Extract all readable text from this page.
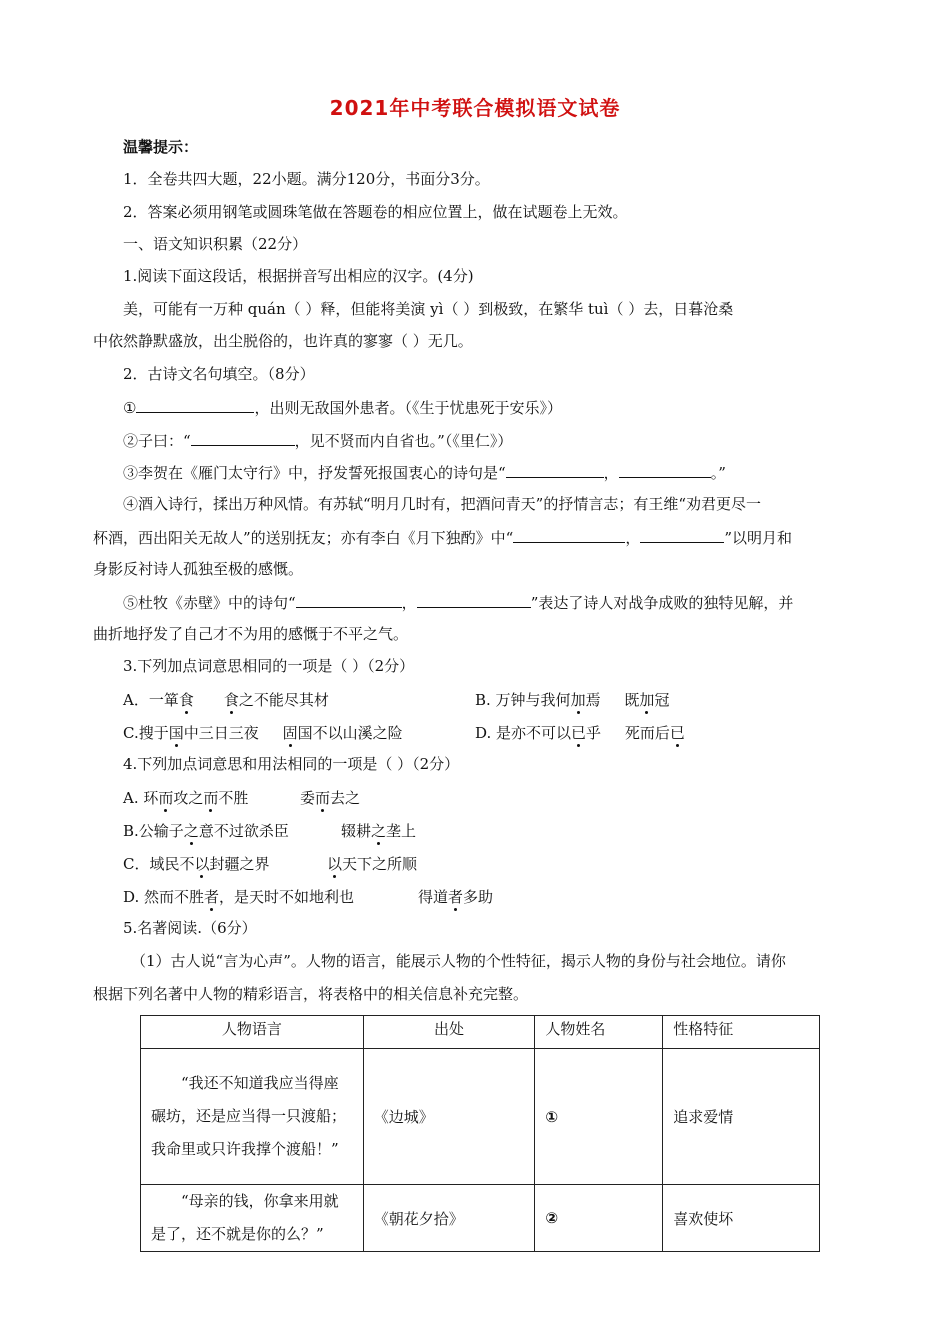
2021年中考联合模拟语文试卷
温馨提示：
1．全卷共四大题，22小题。满分120分，书面分3分。
2．答案必须用钢笔或圆珠笔做在答题卷的相应位置上，做在试题卷上无效。
一、语文知识积累（22分）
1.阅读下面这段话，根据拼音写出相应的汉字。(4分)
美，可能有一万种 quán（ ）释，但能将美演 yì（ ）到极致，在繁华 tuì（ ）去，日暮沧桑
中依然静默盛放，出尘脱俗的，也许真的寥寥（ ）无几。
2．古诗文名句填空。（8分）
①	，出则无敌国外患者。（《生于忧患死于安乐》）
②子曰：“	，见不贤而内自省也。”（《里仁》）
③李贺在《雁门太守行》中，抒发誓死报国衷心的诗句是“	，	。”
④酒入诗行，揉出万种风情。有苏轼“明月几时有，把酒问青天”的抒情言志；有王维“劝君更尽一
杯酒，西出阳关无故人”的送别抚友；亦有李白《月下独酌》中“	，	”以明月和
身影反衬诗人孤独至极的感慨。
⑤杜牧《赤壁》中的诗句“	，	”表达了诗人对战争成败的独特见解，并
曲折地抒发了自己才不为用的感慨于不平之气。
3.下列加点词意思相同的一项是（ ）（2分）
A．一箪食 食之不能尽其材	B. 万钟与我何加焉     既加冠
C.搜于国中三日三夜     固国不以山溪之险	D. 是亦不可以已乎     死而后已
4.下列加点词意思和用法相同的一项是（ ）（2分）
A. 环而攻之而不胜	委而去之
B.公输子之意不过欲杀臣	辍耕之垄上
C．域民不以封疆之界	以天下之所顺
D. 然而不胜者，是天时不如地利也	得道者多助
5.名著阅读.（6分）
（1）古人说“言为心声”。人物的语言，能展示人物的个性特征，揭示人物的身份与社会地位。请你
根据下列名著中人物的精彩语言，将表格中的相关信息补充完整。
人物语言	出处	人物姓名	性格特征
“我还不知道我应当得座碾坊，还是应当得一只渡船；我命里或只许我撑个渡船！”	《边城》	①	追求爱情
“母亲的钱，你拿来用就是了，还不就是你的么？”	《朝花夕拾》	②	喜欢使坏
